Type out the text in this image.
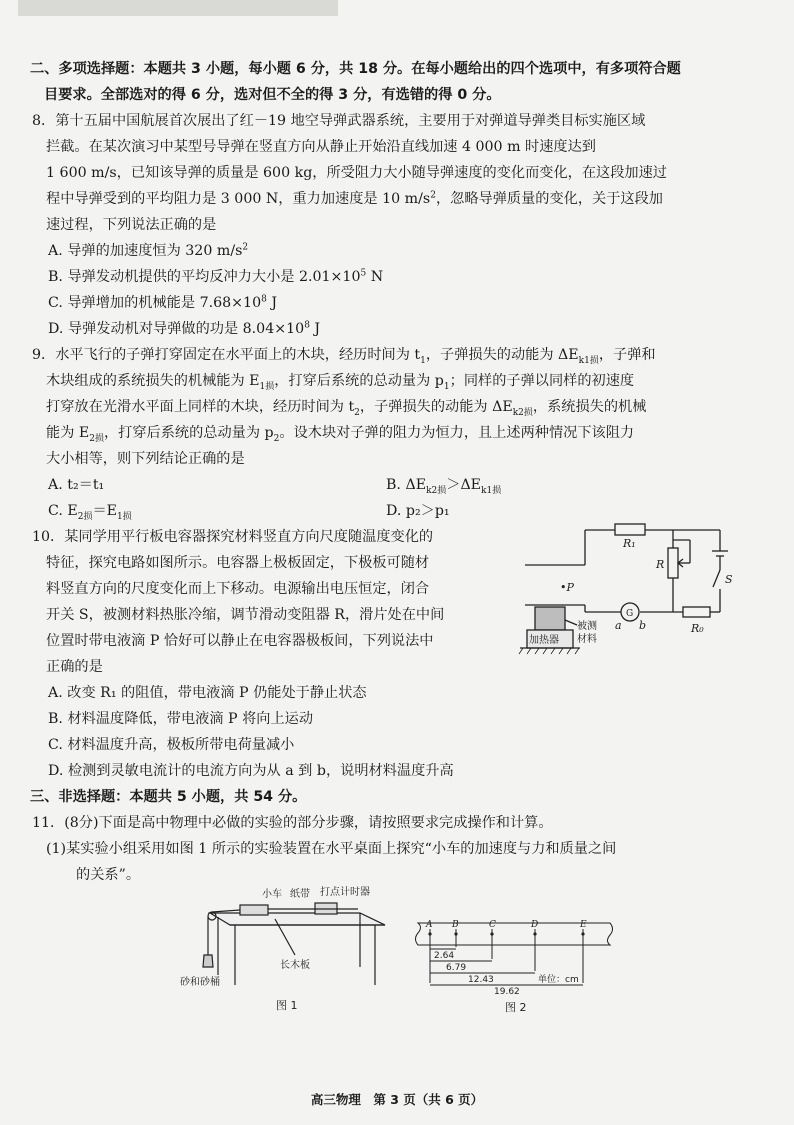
二、多项选择题：本题共 3 小题，每小题 6 分，共 18 分。在每小题给出的四个选项中，有多项符合题
目要求。全部选对的得 6 分，选对但不全的得 3 分，有选错的得 0 分。
8．第十五届中国航展首次展出了红－19 地空导弹武器系统，主要用于对弹道导弹类目标实施区域
拦截。在某次演习中某型号导弹在竖直方向从静止开始沿直线加速 4 000 m 时速度达到
1 600 m/s，已知该导弹的质量是 600 kg，所受阻力大小随导弹速度的变化而变化，在这段加速过
程中导弹受到的平均阻力是 3 000 N，重力加速度是 10 $m/s^2$，忽略导弹质量的变化，关于这段加
速过程，下列说法正确的是
A. 导弹的加速度恒为 320 $m/s^2$
B. 导弹发动机提供的平均反冲力大小是 $2.01\times 10^5$ N
C. 导弹增加的机械能是 $7.68\times 10^8$ J
D. 导弹发动机对导弹做的功是 $8.04\times 10^8$ J
9．水平飞行的子弹打穿固定在水平面上的木块，经历时间为 $t_1$，子弹损失的动能为 $\Delta E_{k1损}$，子弹和
木块组成的系统损失的机械能为 $E_{1损}$，打穿后系统的总动量为 $p_1$；同样的子弹以同样的初速度
打穿放在光滑水平面上同样的木块，经历时间为 $t_2$，子弹损失的动能为 $\Delta E_{k2损}$，系统损失的机械
能为 $E_{2损}$，打穿后系统的总动量为 $p_2$。设木块对子弹的阻力为恒力，且上述两种情况下该阻力
大小相等，则下列结论正确的是
A. t₂＝t₁	B. $\Delta E_{k2损}>\Delta E_{k1损}$
C. $E_{2损}=E_{1损}$	D. p₂＞p₁
10．某同学用平行板电容器探究材料竖直方向尺度随温度变化的
特征，探究电路如图所示。电容器上极板固定，下极板可随材
料竖直方向的尺度变化而上下移动。电源输出电压恒定，闭合
开关 S，被测材料热胀冷缩，调节滑动变阻器 R，滑片处在中间
位置时带电液滴 P 恰好可以静止在电容器极板间，下列说法中
正确的是
A. 改变 R₁ 的阻值，带电液滴 P 仍能处于静止状态
B. 材料温度降低，带电液滴 P 将向上运动
C. 材料温度升高，极板所带电荷量减小
D. 检测到灵敏电流计的电流方向为从 a 到 b，说明材料温度升高
R₁
R
S
•P
G
a b	R₀
加热器
被测
材料
三、非选择题：本题共 5 小题，共 54 分。
11．(8分)下面是高中物理中必做的实验的部分步骤，请按照要求完成操作和计算。
(1)某实验小组采用如图 1 所示的实验装置在水平桌面上探究“小车的加速度与力和质量之间
的关系”。
小车 纸带 打点计时器
砂和砂桶
长木板
图 1
A B	C	D	E
2.64
6.79
12.43
19.62
单位：cm
图 2
高三物理　第 3 页（共 6 页）
